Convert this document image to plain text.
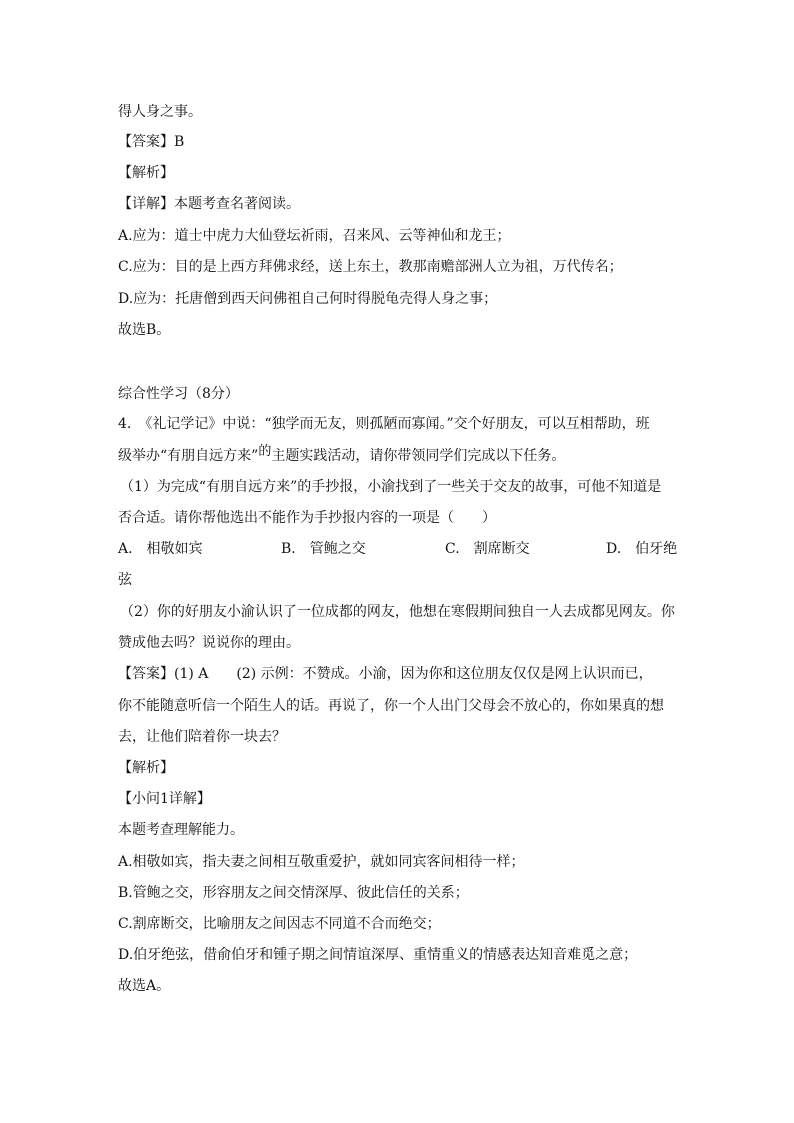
得人身之事。
【答案】B
【解析】
【详解】本题考查名著阅读。
A.应为：道士中虎力大仙登坛祈雨，召来风、云等神仙和龙王；
C.应为：目的是上西方拜佛求经，送上东土，教那南赡部洲人立为祖，万代传名；
D.应为：托唐僧到西天问佛祖自己何时得脱龟壳得人身之事；
故选B。
综合性学习（8分）
4.　《礼记学记》中说：“独学而无友，则孤陋而寡闻。”交个好朋友，可以互相帮助，班
级举办“有朋自远方来”的主题实践活动，请你带领同学们完成以下任务。
（1）为完成“有朋自远方来”的手抄报，小渝找到了一些关于交友的故事，可他不知道是
否合适。请你帮他选出不能作为手抄报内容的一项是（　　）
A.　相敬如宾	B.　管鲍之交	C.　割席断交	D.　伯牙绝
弦
（2）你的好朋友小渝认识了一位成都的网友，他想在寒假期间独自一人去成都见网友。你
赞成他去吗？说说你的理由。
【答案】(1) A　　(2) 示例：不赞成。小渝，因为你和这位朋友仅仅是网上认识而已，
你不能随意听信一个陌生人的话。再说了，你一个人出门父母会不放心的，你如果真的想
去，让他们陪着你一块去？
【解析】
【小问1详解】
本题考查理解能力。
A.相敬如宾，指夫妻之间相互敬重爱护，就如同宾客间相待一样；
B.管鲍之交，形容朋友之间交情深厚、彼此信任的关系；
C.割席断交，比喻朋友之间因志不同道不合而绝交；
D.伯牙绝弦，借俞伯牙和锺子期之间情谊深厚、重情重义的情感表达知音难觅之意；
故选A。
